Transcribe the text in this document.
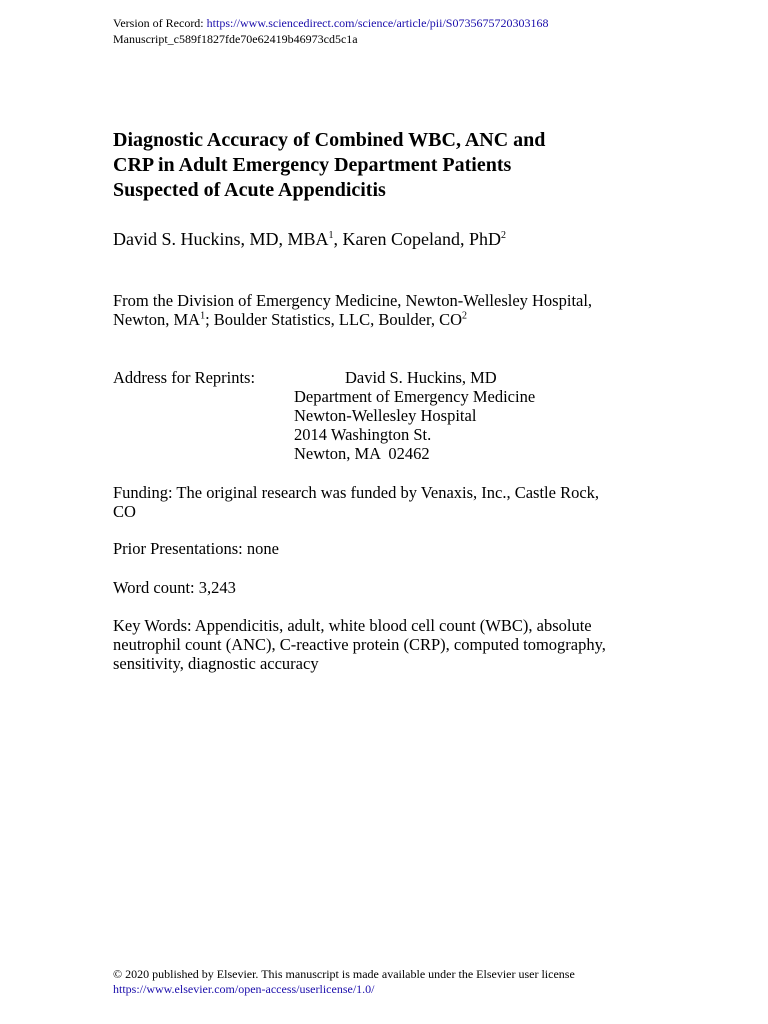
Version of Record: https://www.sciencedirect.com/science/article/pii/S0735675720303168
Manuscript_c589f1827fde70e62419b46973cd5c1a
Diagnostic Accuracy of Combined WBC, ANC and
CRP in Adult Emergency Department Patients
Suspected of Acute Appendicitis
David S. Huckins, MD, MBA$^1$, Karen Copeland, PhD$^2$
From the Division of Emergency Medicine, Newton-Wellesley Hospital,
Newton, $MA^1$; Boulder Statistics, LLC, Boulder, $CO^2$
Address for Reprints:	David S. Huckins, MD
Department of Emergency Medicine
Newton-Wellesley Hospital
2014 Washington St.
Newton, MA  02462
Funding: The original research was funded by Venaxis, Inc., Castle Rock,
CO
Prior Presentations: none
Word count: 3,243
Key Words: Appendicitis, adult, white blood cell count (WBC), absolute
neutrophil count (ANC), C-reactive protein (CRP), computed tomography,
sensitivity, diagnostic accuracy
© 2020 published by Elsevier. This manuscript is made available under the Elsevier user license
https://www.elsevier.com/open-access/userlicense/1.0/
